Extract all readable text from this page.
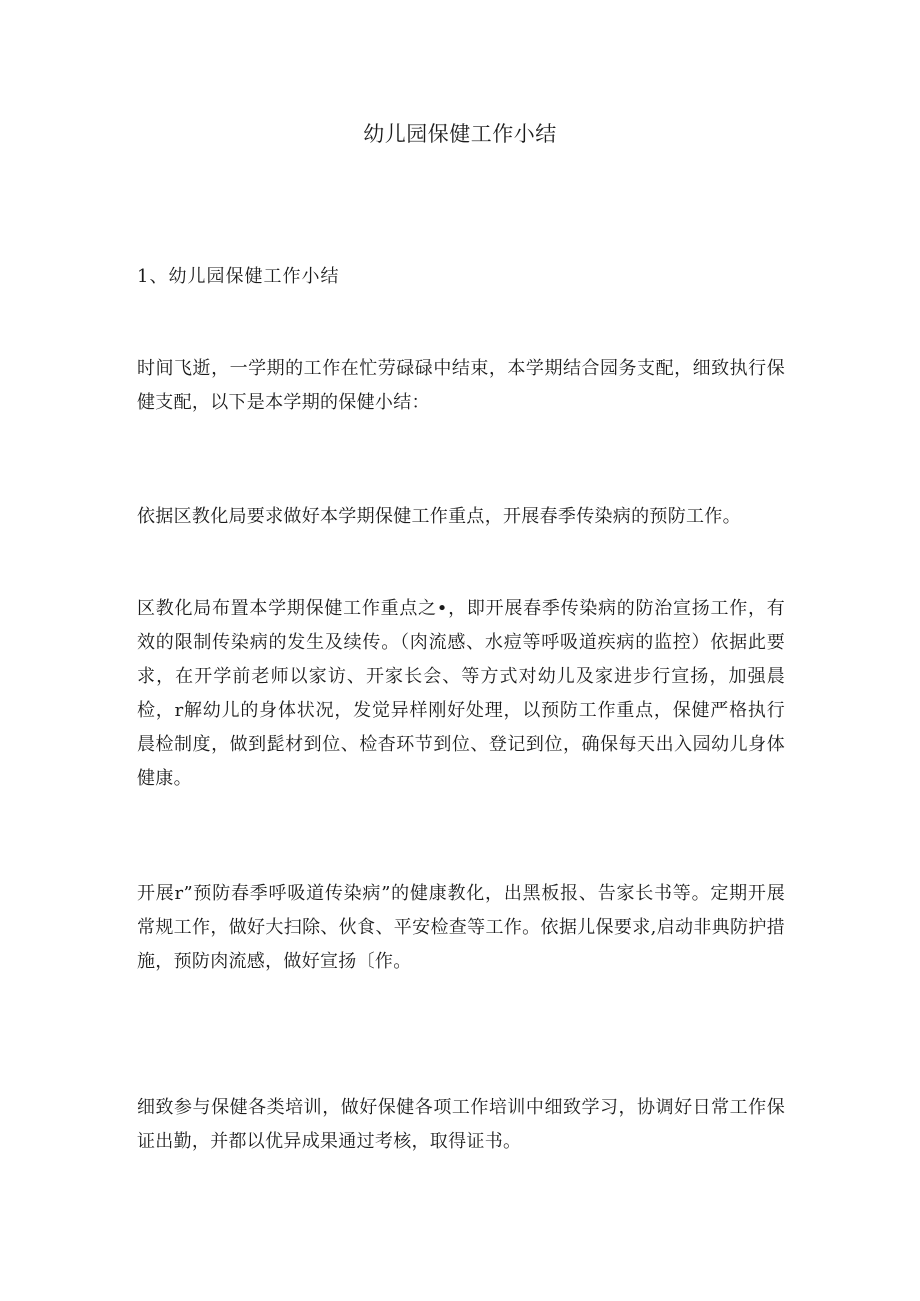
幼儿园保健工作小结
1、幼儿园保健工作小结

时间飞逝，一学期的工作在忙劳碌碌中结束，本学期结合园务支配，细致执行保健支配，以下是本学期的保健小结：

依据区教化局要求做好本学期保健工作重点，开展春季传染病的预防工作。

区教化局布置本学期保健工作重点之•，即开展春季传染病的防治宣扬工作，有效的限制传染病的发生及续传。（肉流感、水痘等呼吸道疾病的监控）依据此要求，在开学前老师以家访、开家长会、等方式对幼儿及家进步行宣扬，加强晨检，r解幼儿的身体状况，发觉异样刚好处理，以预防工作重点，保健严格执行晨检制度，做到髭材到位、检杳环节到位、登记到位，确保每天出入园幼儿身体健康。

开展r”预防春季呼吸道传染病”的健康教化，出黑板报、告家长书等。定期开展常规工作，做好大扫除、伙食、平安检查等工作。依据儿保要求,启动非典防护措施，预防肉流感，做好宣扬〔作。

细致参与保健各类培训，做好保健各项工作培训中细致学习，协调好日常工作保证出勤，并都以优异成果通过考核，取得证书。
